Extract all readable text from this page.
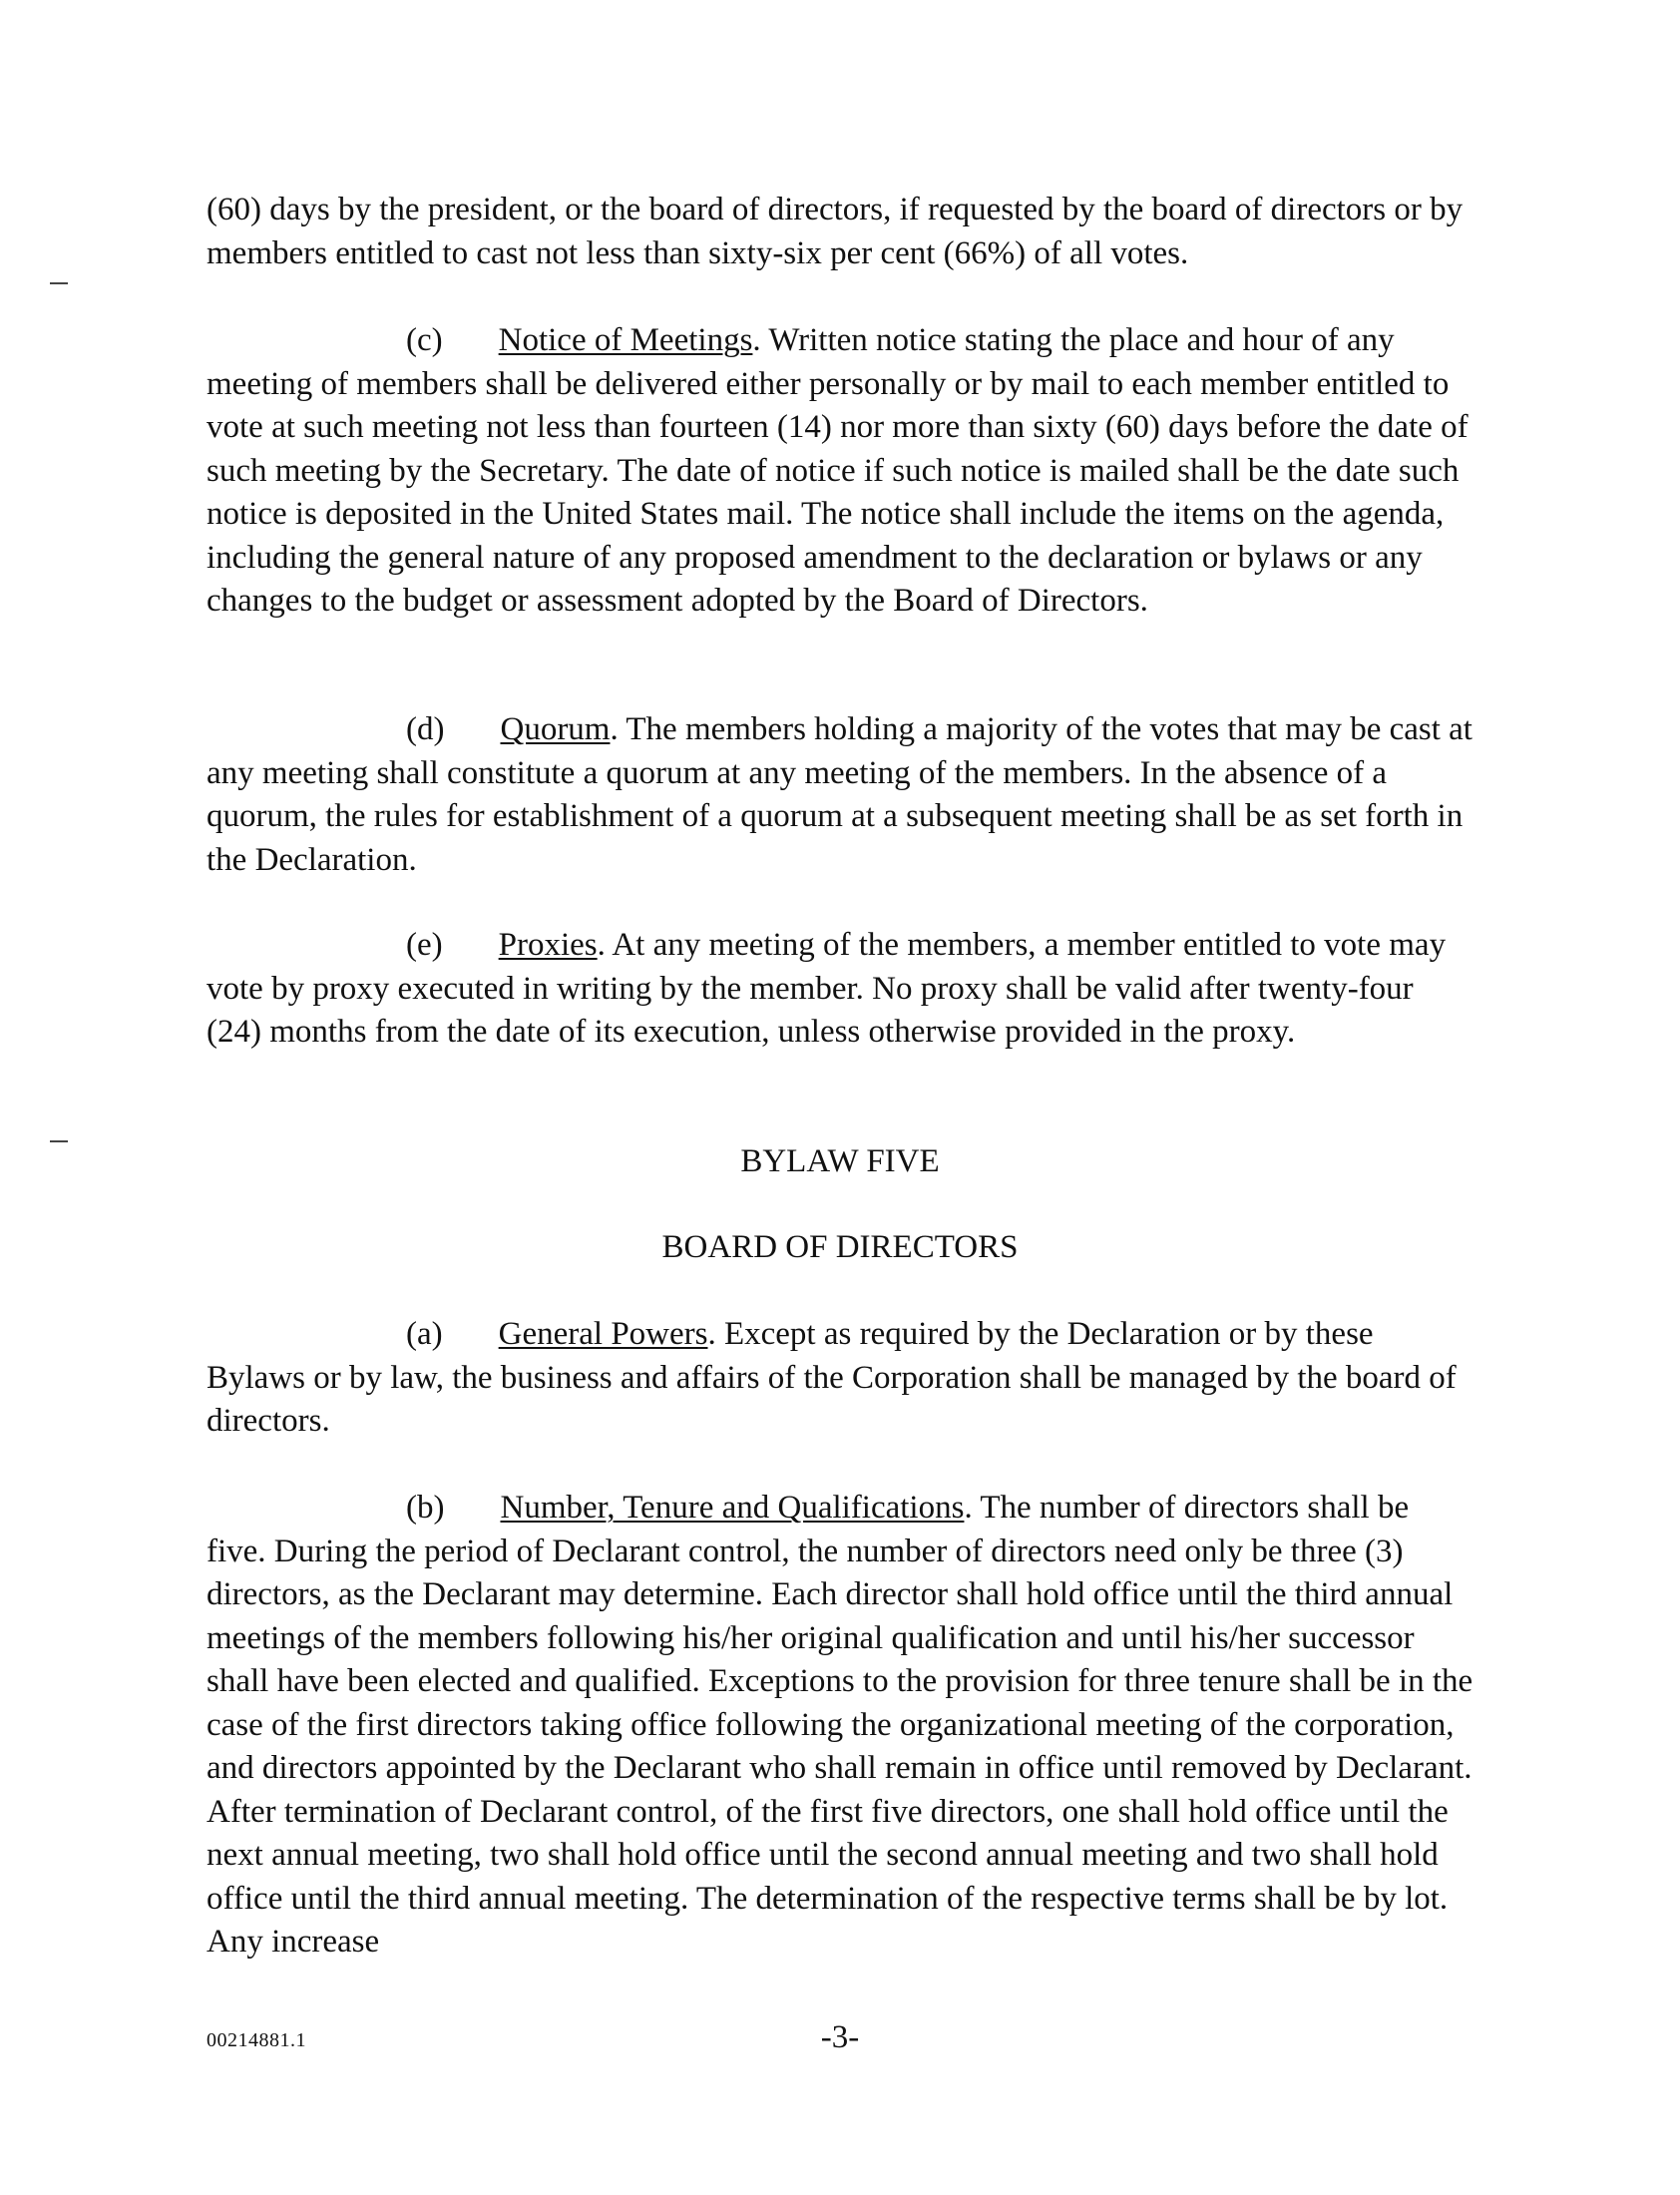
(60) days by the president, or the board of directors, if requested by the board of directors or by members entitled to cast not less than sixty-six per cent (66%) of all votes.

(c) Notice of Meetings. Written notice stating the place and hour of any meeting of members shall be delivered either personally or by mail to each member entitled to vote at such meeting not less than fourteen (14) nor more than sixty (60) days before the date of such meeting by the Secretary. The date of notice if such notice is mailed shall be the date such notice is deposited in the United States mail. The notice shall include the items on the agenda, including the general nature of any proposed amendment to the declaration or bylaws or any changes to the budget or assessment adopted by the Board of Directors.

(d) Quorum. The members holding a majority of the votes that may be cast at any meeting shall constitute a quorum at any meeting of the members. In the absence of a quorum, the rules for establishment of a quorum at a subsequent meeting shall be as set forth in the Declaration.

(e) Proxies. At any meeting of the members, a member entitled to vote may vote by proxy executed in writing by the member. No proxy shall be valid after twenty-four (24) months from the date of its execution, unless otherwise provided in the proxy.

BYLAW FIVE

BOARD OF DIRECTORS

(a) General Powers. Except as required by the Declaration or by these Bylaws or by law, the business and affairs of the Corporation shall be managed by the board of directors.

(b) Number, Tenure and Qualifications. The number of directors shall be five. During the period of Declarant control, the number of directors need only be three (3) directors, as the Declarant may determine. Each director shall hold office until the third annual meetings of the members following his/her original qualification and until his/her successor shall have been elected and qualified. Exceptions to the provision for three tenure shall be in the case of the first directors taking office following the organizational meeting of the corporation, and directors appointed by the Declarant who shall remain in office until removed by Declarant. After termination of Declarant control, of the first five directors, one shall hold office until the next annual meeting, two shall hold office until the second annual meeting and two shall hold office until the third annual meeting. The determination of the respective terms shall be by lot. Any increase

00214881.1	-3-
